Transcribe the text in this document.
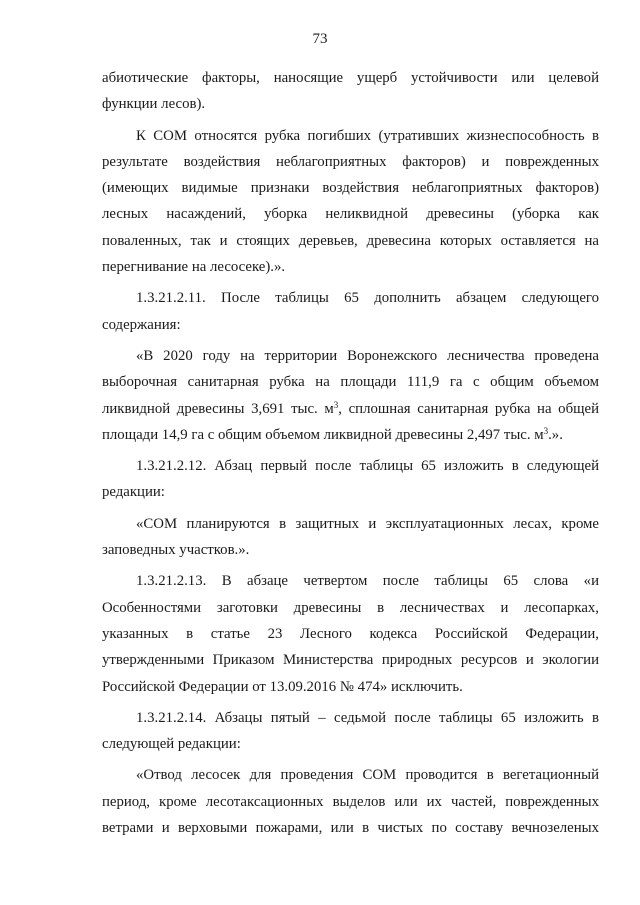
73
абиотические факторы, наносящие ущерб устойчивости или целевой
функции лесов).
К СОМ относятся рубка погибших (утративших жизнеспособность в
результате воздействия неблагоприятных факторов) и поврежденных
(имеющих видимые признаки воздействия неблагоприятных факторов)
лесных насаждений, уборка неликвидной древесины (уборка как
поваленных, так и стоящих деревьев, древесина которых оставляется на
перегнивание на лесосеке).».
1.3.21.2.11. После таблицы 65 дополнить абзацем следующего
содержания:
«В 2020 году на территории Воронежского лесничества проведена
выборочная санитарная рубка на площади 111,9 га с общим объемом
ликвидной древесины 3,691 тыс. $м^3$, сплошная санитарная рубка на общей
площади 14,9 га с общим объемом ликвидной древесины 2,497 тыс. $м^3$.».
1.3.21.2.12. Абзац первый после таблицы 65 изложить в следующей
редакции:
«СОМ планируются в защитных и эксплуатационных лесах, кроме
заповедных участков.».
1.3.21.2.13. В абзаце четвертом после таблицы 65 слова «и
Особенностями заготовки древесины в лесничествах и лесопарках,
указанных в статье 23 Лесного кодекса Российской Федерации,
утвержденными Приказом Министерства природных ресурсов и экологии
Российской Федерации от 13.09.2016 № 474» исключить.
1.3.21.2.14. Абзацы пятый – седьмой после таблицы 65 изложить в
следующей редакции:
«Отвод лесосек для проведения СОМ проводится в вегетационный
период, кроме лесотаксационных выделов или их частей, поврежденных
ветрами и верховыми пожарами, или в чистых по составу вечнозеленых
